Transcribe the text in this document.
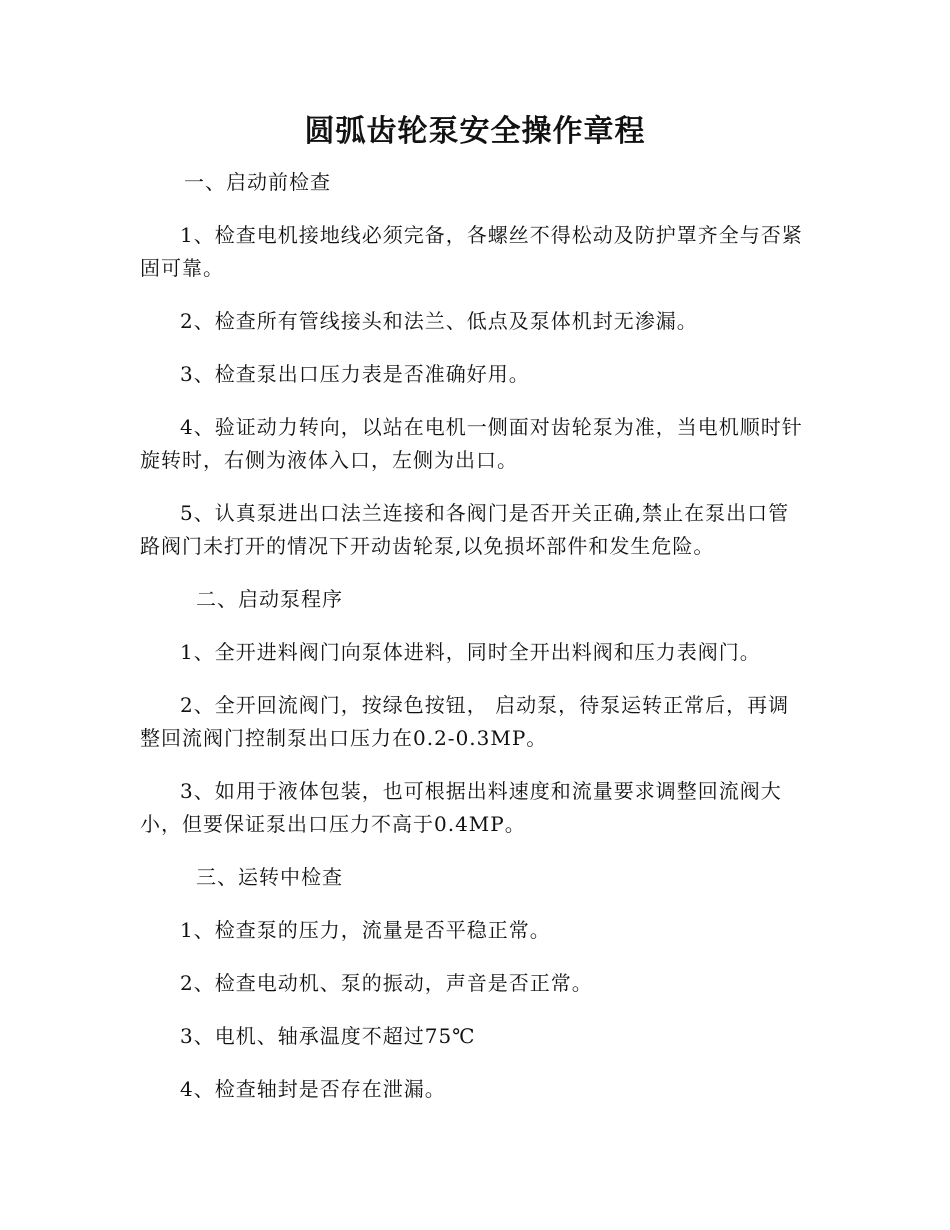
圆弧齿轮泵安全操作章程
一、启动前检查

1、检查电机接地线必须完备，各螺丝不得松动及防护罩齐全与否紧固可靠。

2、检查所有管线接头和法兰、低点及泵体机封无渗漏。

3、检查泵出口压力表是否准确好用。

4、验证动力转向，以站在电机一侧面对齿轮泵为准，当电机顺时针旋转时，右侧为液体入口，左侧为出口。

5、认真泵进出口法兰连接和各阀门是否开关正确,禁止在泵出口管路阀门未打开的情况下开动齿轮泵,以免损坏部件和发生危险。

二、启动泵程序

1、全开进料阀门向泵体进料，同时全开出料阀和压力表阀门。

2、全开回流阀门，按绿色按钮， 启动泵，待泵运转正常后，再调整回流阀门控制泵出口压力在0.2-0.3MP。

3、如用于液体包装，也可根据出料速度和流量要求调整回流阀大小，但要保证泵出口压力不高于0.4MP。

三、运转中检查

1、检查泵的压力，流量是否平稳正常。

2、检查电动机、泵的振动，声音是否正常。

3、电机、轴承温度不超过75℃

4、检查轴封是否存在泄漏。
